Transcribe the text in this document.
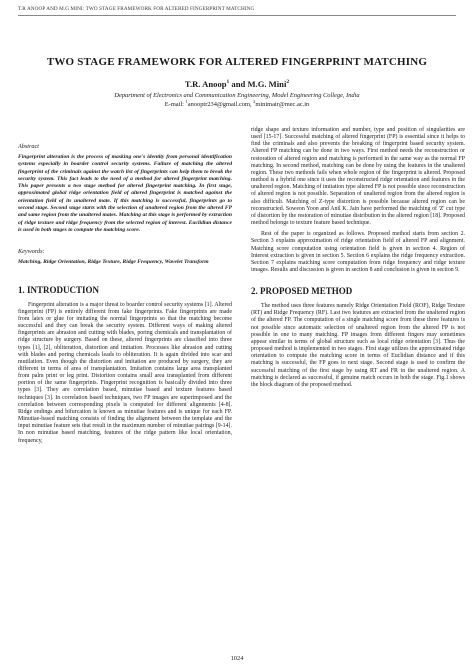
T.R ANOOP AND M.G MINI: TWO STAGE FRAMEWORK FOR ALTERED FINGERPRINT MATCHING
TWO STAGE FRAMEWORK FOR ALTERED FINGERPRINT MATCHING
T.R. Anoop$^1$ and M.G. Mini$^2$
Department of Electronics and Communication Engineering, Model Engineering College, India
E-mail: $^1$anooptr234@gmail.com, $^2$minimair@mec.ac.in
Abstract

Fingerprint alteration is the process of masking one's identity from personal identification systems especially in boarder control security systems. Failure of matching the altered fingerprint of the criminals against the watch list of fingerprints can help them to break the security system. This fact leads to the need of a method for altered fingerprint matching. This paper presents a two stage method for altered fingerprint matching. In first stage, approximated global ridge orientation field of altered fingerprint is matched against the orientation field of its unaltered mate. If this matching is successful, fingerprints go to second stage. Second stage starts with the selection of unaltered region from the altered FP and same region from the unaltered mates. Matching at this stage is performed by extraction of ridge texture and ridge frequency from the selected region of interest. Euclidian distance is used in both stages to compute the matching score.

Keywords:

Matching, Ridge Orientation, Ridge Texture, Ridge Frequency, Wavelet Transform

1. INTRODUCTION

Fingerprint alteration is a major threat to boarder control security systems [1]. Altered fingerprint (FP) is entirely different from fake fingerprints. Fake fingerprints are made from latex or glue for imitating the normal fingerprints so that the matching become successful and they can break the security system. Different ways of making altered fingerprints are abrasion and cutting with blades, poring chemicals and transplantation of ridge structure by surgery. Based on these, altered fingerprints are classified into three types [1], [2], obliteration, distortion and imitation. Processes like abrasion and cutting with blades and poring chemicals leads to obliteration. It is again divided into scar and mutilation. Even though the distortion and imitation are produced by surgery, they are different in terms of area of transplantation. Imitation contains large area transplanted from palm print or leg print. Distortion contains small area transplanted from different portion of the same fingerprints. Fingerprint recognition is basically divided into three types [3]. They are correlation based, minutiae based and texture features based techniques [3]. In correlation based techniques, two FP images are superimposed and the correlation between corresponding pixels is computed for different alignments [4-8]. Ridge endings and bifurcation is known as minutiae features and is unique for each FP. Minutiae-based matching consists of finding the alignment between the template and the input minutiae feature sets that result in the maximum number of minutiae pairings [9-14]. In non minutiae based matching, features of the ridge pattern like local orientation, frequency,

ridge shape and texture information and number, type and position of singularities are used [15-17]. Successful matching of altered fingerprint (FP) is essential since it helps to find the criminals and also prevents the breaking of fingerprint based security system. Altered FP matching can be done in two ways. First method needs the reconstruction or restoration of altered region and matching is performed in the same way as the normal FP matching. In second method, matching can be done by using the features in the unaltered region. These two methods fails when whole region of the fingerprint is altered. Proposed method is a hybrid one since it uses the reconstructed ridge orientation and features in the unaltered region. Matching of imitation type altered FP is not possible since reconstruction of altered region is not possible. Separation of unaltered region from the altered region is also difficult. Matching of Z-type distortion is possible because altered region can be reconstructed. Soweon Yoon and Anil K. Jain have performed the matching of 'Z' cut type of distortion by the restoration of minutiae distribution in the altered region [18]. Proposed method belongs to texture feature based technique.

Rest of the paper is organized as follows. Proposed method starts from section 2. Section 3 explains approximation of ridge orientation field of altered FP and alignment. Matching score computation using orientation field is given in section 4. Region of Interest extraction is given in section 5. Section 6 explains the ridge frequency extraction. Section 7 explains matching score computation from ridge frequency and ridge texture images. Results and discussion is given in section 8 and conclusion is given in section 9.

2. PROPOSED METHOD

The method uses three features namely Ridge Orientation Field (ROF), Ridge Texture (RT) and Ridge Frequency (RF). Last two features are extracted from the unaltered region of the altered FP. The computation of a single matching score from these three features is not possible since automatic selection of unaltered region from the altered FP is not possible in one to many matching. FP images from different fingers may sometimes appear similar in terms of global structure such as local ridge orientation [3]. Thus the proposed method is implemented in two stages. First stage utilizes the approximated ridge orientation to compute the matching score in terms of Euclidian distance and if this matching is successful, the FP goes to next stage. Second stage is used to confirm the successful matching of the first stage by using RT and FR in the unaltered region. A matching is declared as successful, if genuine match occurs in both the stage. Fig.1 shows the block diagram of the proposed method.

1024
